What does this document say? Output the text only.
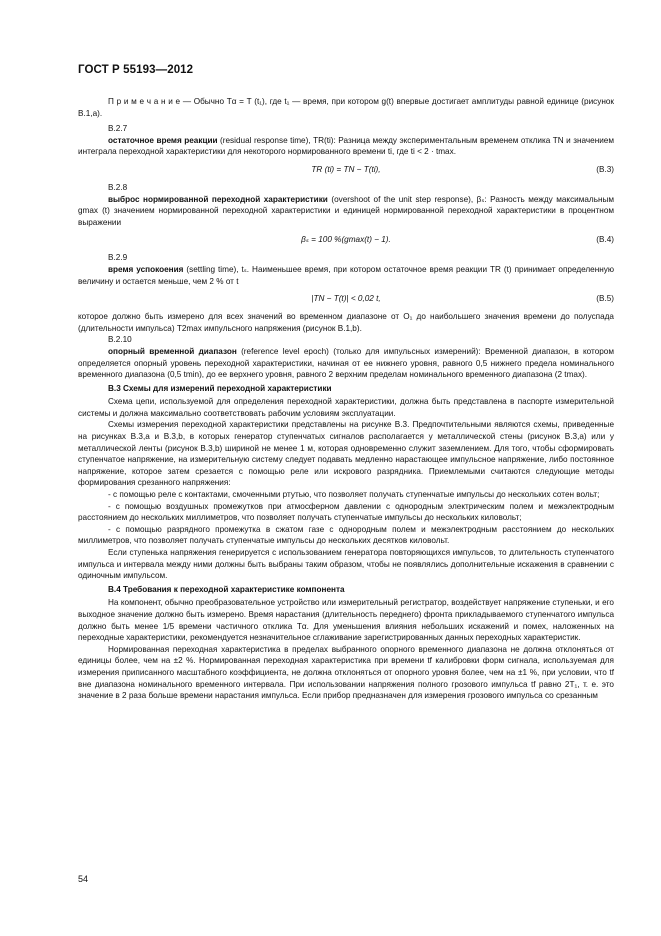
ГОСТ Р 55193—2012

П р и м е ч а н и е — Обычно Tα = T (t₁), где t₁ — время, при котором g(t) впервые достигает амплитуды равной единице (рисунок В.1,а).

В.2.7

остаточное время реакции (residual response time), TR(ti): Разница между экспериментальным временем отклика TN и значением интеграла переходной характеристики для некоторого нормированного времени ti, где ti < 2 · tmax.

TR (ti) = TN − T(ti),	(В.3)

В.2.8

выброс нормированной переходной характеристики (overshoot of the unit step response), βₛ: Разность между максимальным gmax (t) значением нормированной переходной характеристики и единицей нормированной переходной характеристики в процентном выражении

βₛ = 100 %(gmax(t) − 1).	(В.4)

В.2.9

время успокоения (settling time), tₛ. Наименьшее время, при котором остаточное время реакции TR (t) принимает определенную величину и остается меньше, чем 2 % от t

|TN − T(t)| < 0,02 t,	(В.5)

которое должно быть измерено для всех значений во временном диапазоне от O₁ до наибольшего значения времени до полуспада (длительности импульса) T2max импульсного напряжения (рисунок В.1,b).

В.2.10

опорный временной диапазон (reference level epoch) (только для импульсных измерений): Временной диапазон, в котором определяется опорный уровень переходной характеристики, начиная от ее нижнего уровня, равного 0,5 нижнего предела номинального временного диапазона (0,5 tmin), до ее верхнего уровня, равного 2 верхним пределам номинального временного диапазона (2 tmax).

В.3 Схемы для измерений переходной характеристики

Схема цепи, используемой для определения переходной характеристики, должна быть представлена в паспорте измерительной системы и должна максимально соответствовать рабочим условиям эксплуатации.

Схемы измерения переходной характеристики представлены на рисунке В.3. Предпочтительными являются схемы, приведенные на рисунках В.3,а и В.3,b, в которых генератор ступенчатых сигналов располагается у металлической стены (рисунок В.3,а) или у металлической ленты (рисунок В.3,b) шириной не менее 1 м, которая одновременно служит заземлением. Для того, чтобы сформировать ступенчатое напряжение, на измерительную систему следует подавать медленно нарастающее импульсное напряжение, либо постоянное напряжение, которое затем срезается с помощью реле или искрового разрядника. Приемлемыми считаются следующие методы формирования срезанного напряжения:

- с помощью реле с контактами, смоченными ртутью, что позволяет получать ступенчатые импульсы до нескольких сотен вольт;

- с помощью воздушных промежутков при атмосферном давлении с однородным электрическим полем и межэлектродным расстоянием до нескольких миллиметров, что позволяет получать ступенчатые импульсы до нескольких киловольт;

- с помощью разрядного промежутка в сжатом газе с однородным полем и межэлектродным расстоянием до нескольких миллиметров, что позволяет получать ступенчатые импульсы до нескольких десятков киловольт.

Если ступенька напряжения генерируется с использованием генератора повторяющихся импульсов, то длительность ступенчатого импульса и интервала между ними должны быть выбраны таким образом, чтобы не появлялись дополнительные искажения в сравнении с одиночным импульсом.

В.4 Требования к переходной характеристике компонента

На компонент, обычно преобразовательное устройство или измерительный регистратор, воздействует напряжение ступеньки, и его выходное значение должно быть измерено. Время нарастания (длительность переднего) фронта прикладываемого ступенчатого импульса должно быть менее 1/5 времени частичного отклика Tα. Для уменьшения влияния небольших искажений и помех, наложенных на переходные характеристики, рекомендуется незначительное сглаживание зарегистрированных данных переходных характеристик.

Нормированная переходная характеристика в пределах выбранного опорного временного диапазона не должна отклоняться от единицы более, чем на ±2 %. Нормированная переходная характеристика при времени tf калибровки форм сигнала, используемая для измерения приписанного масштабного коэффициента, не должна отклоняться от опорного уровня более, чем на ±1 %, при условии, что tf вне диапазона номинального временного интервала. При использовании напряжения полного грозового импульса tf равно 2T₁, т. е. это значение в 2 раза больше времени нарастания импульса. Если прибор предназначен для измерения грозового импульса со срезанным

54
